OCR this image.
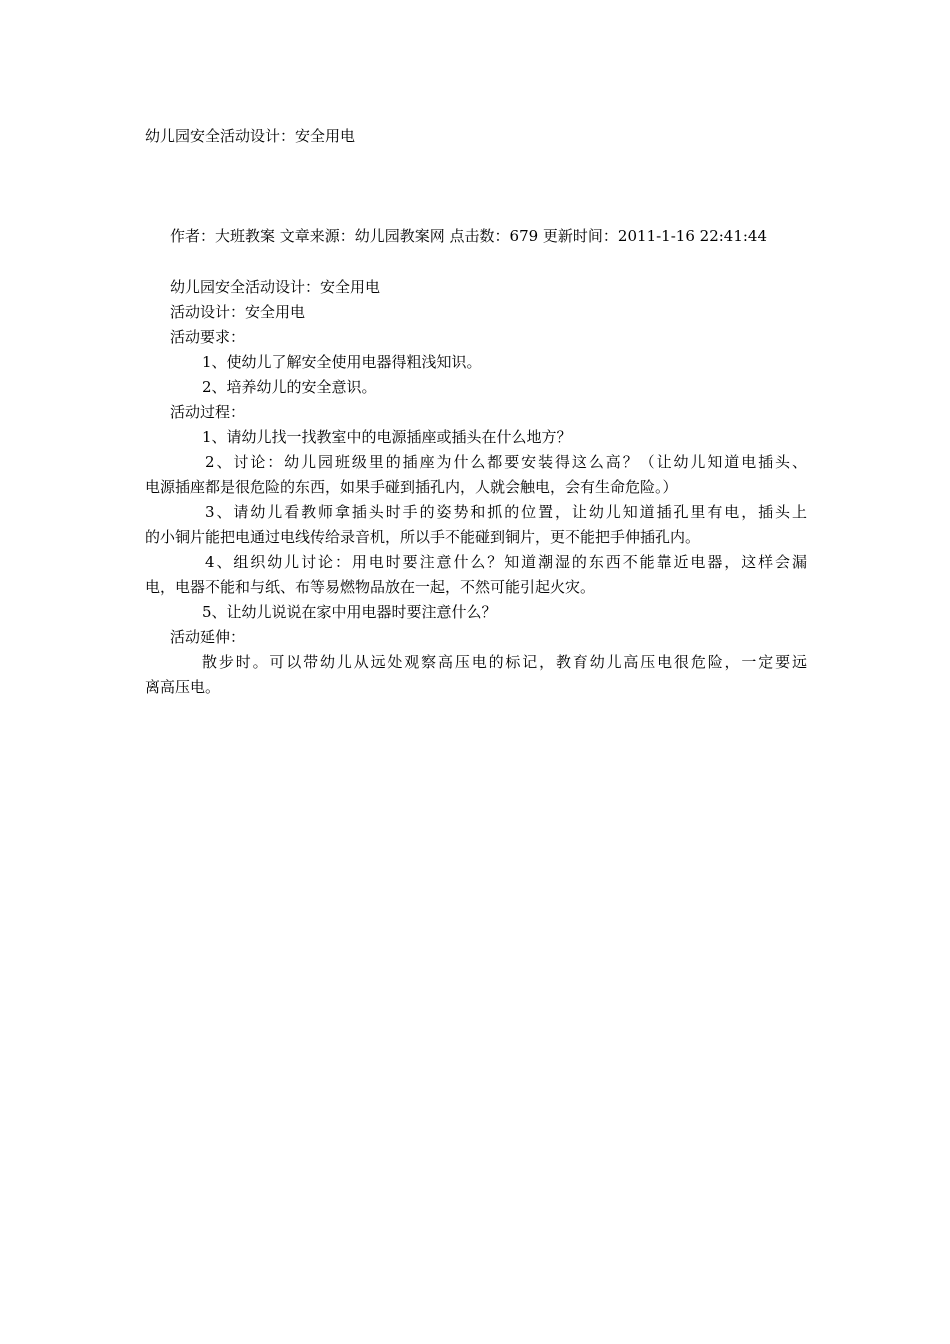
幼儿园安全活动设计：安全用电
作者：大班教案 文章来源：幼儿园教案网 点击数：679 更新时间：2011-1-16 22:41:44
幼儿园安全活动设计：安全用电
活动设计：安全用电
活动要求：
1、使幼儿了解安全使用电器得粗浅知识。
2、培养幼儿的安全意识。
活动过程：
1、请幼儿找一找教室中的电源插座或插头在什么地方？
2、讨论：幼儿园班级里的插座为什么都要安装得这么高？（让幼儿知道电插头、
电源插座都是很危险的东西，如果手碰到插孔内，人就会触电，会有生命危险。）
3、请幼儿看教师拿插头时手的姿势和抓的位置，让幼儿知道插孔里有电，插头上
的小铜片能把电通过电线传给录音机，所以手不能碰到铜片，更不能把手伸插孔内。
4、组织幼儿讨论：用电时要注意什么？知道潮湿的东西不能靠近电器，这样会漏
电，电器不能和与纸、布等易燃物品放在一起，不然可能引起火灾。
5、让幼儿说说在家中用电器时要注意什么？
活动延伸：
散步时。可以带幼儿从远处观察高压电的标记，教育幼儿高压电很危险，一定要远
离高压电。
